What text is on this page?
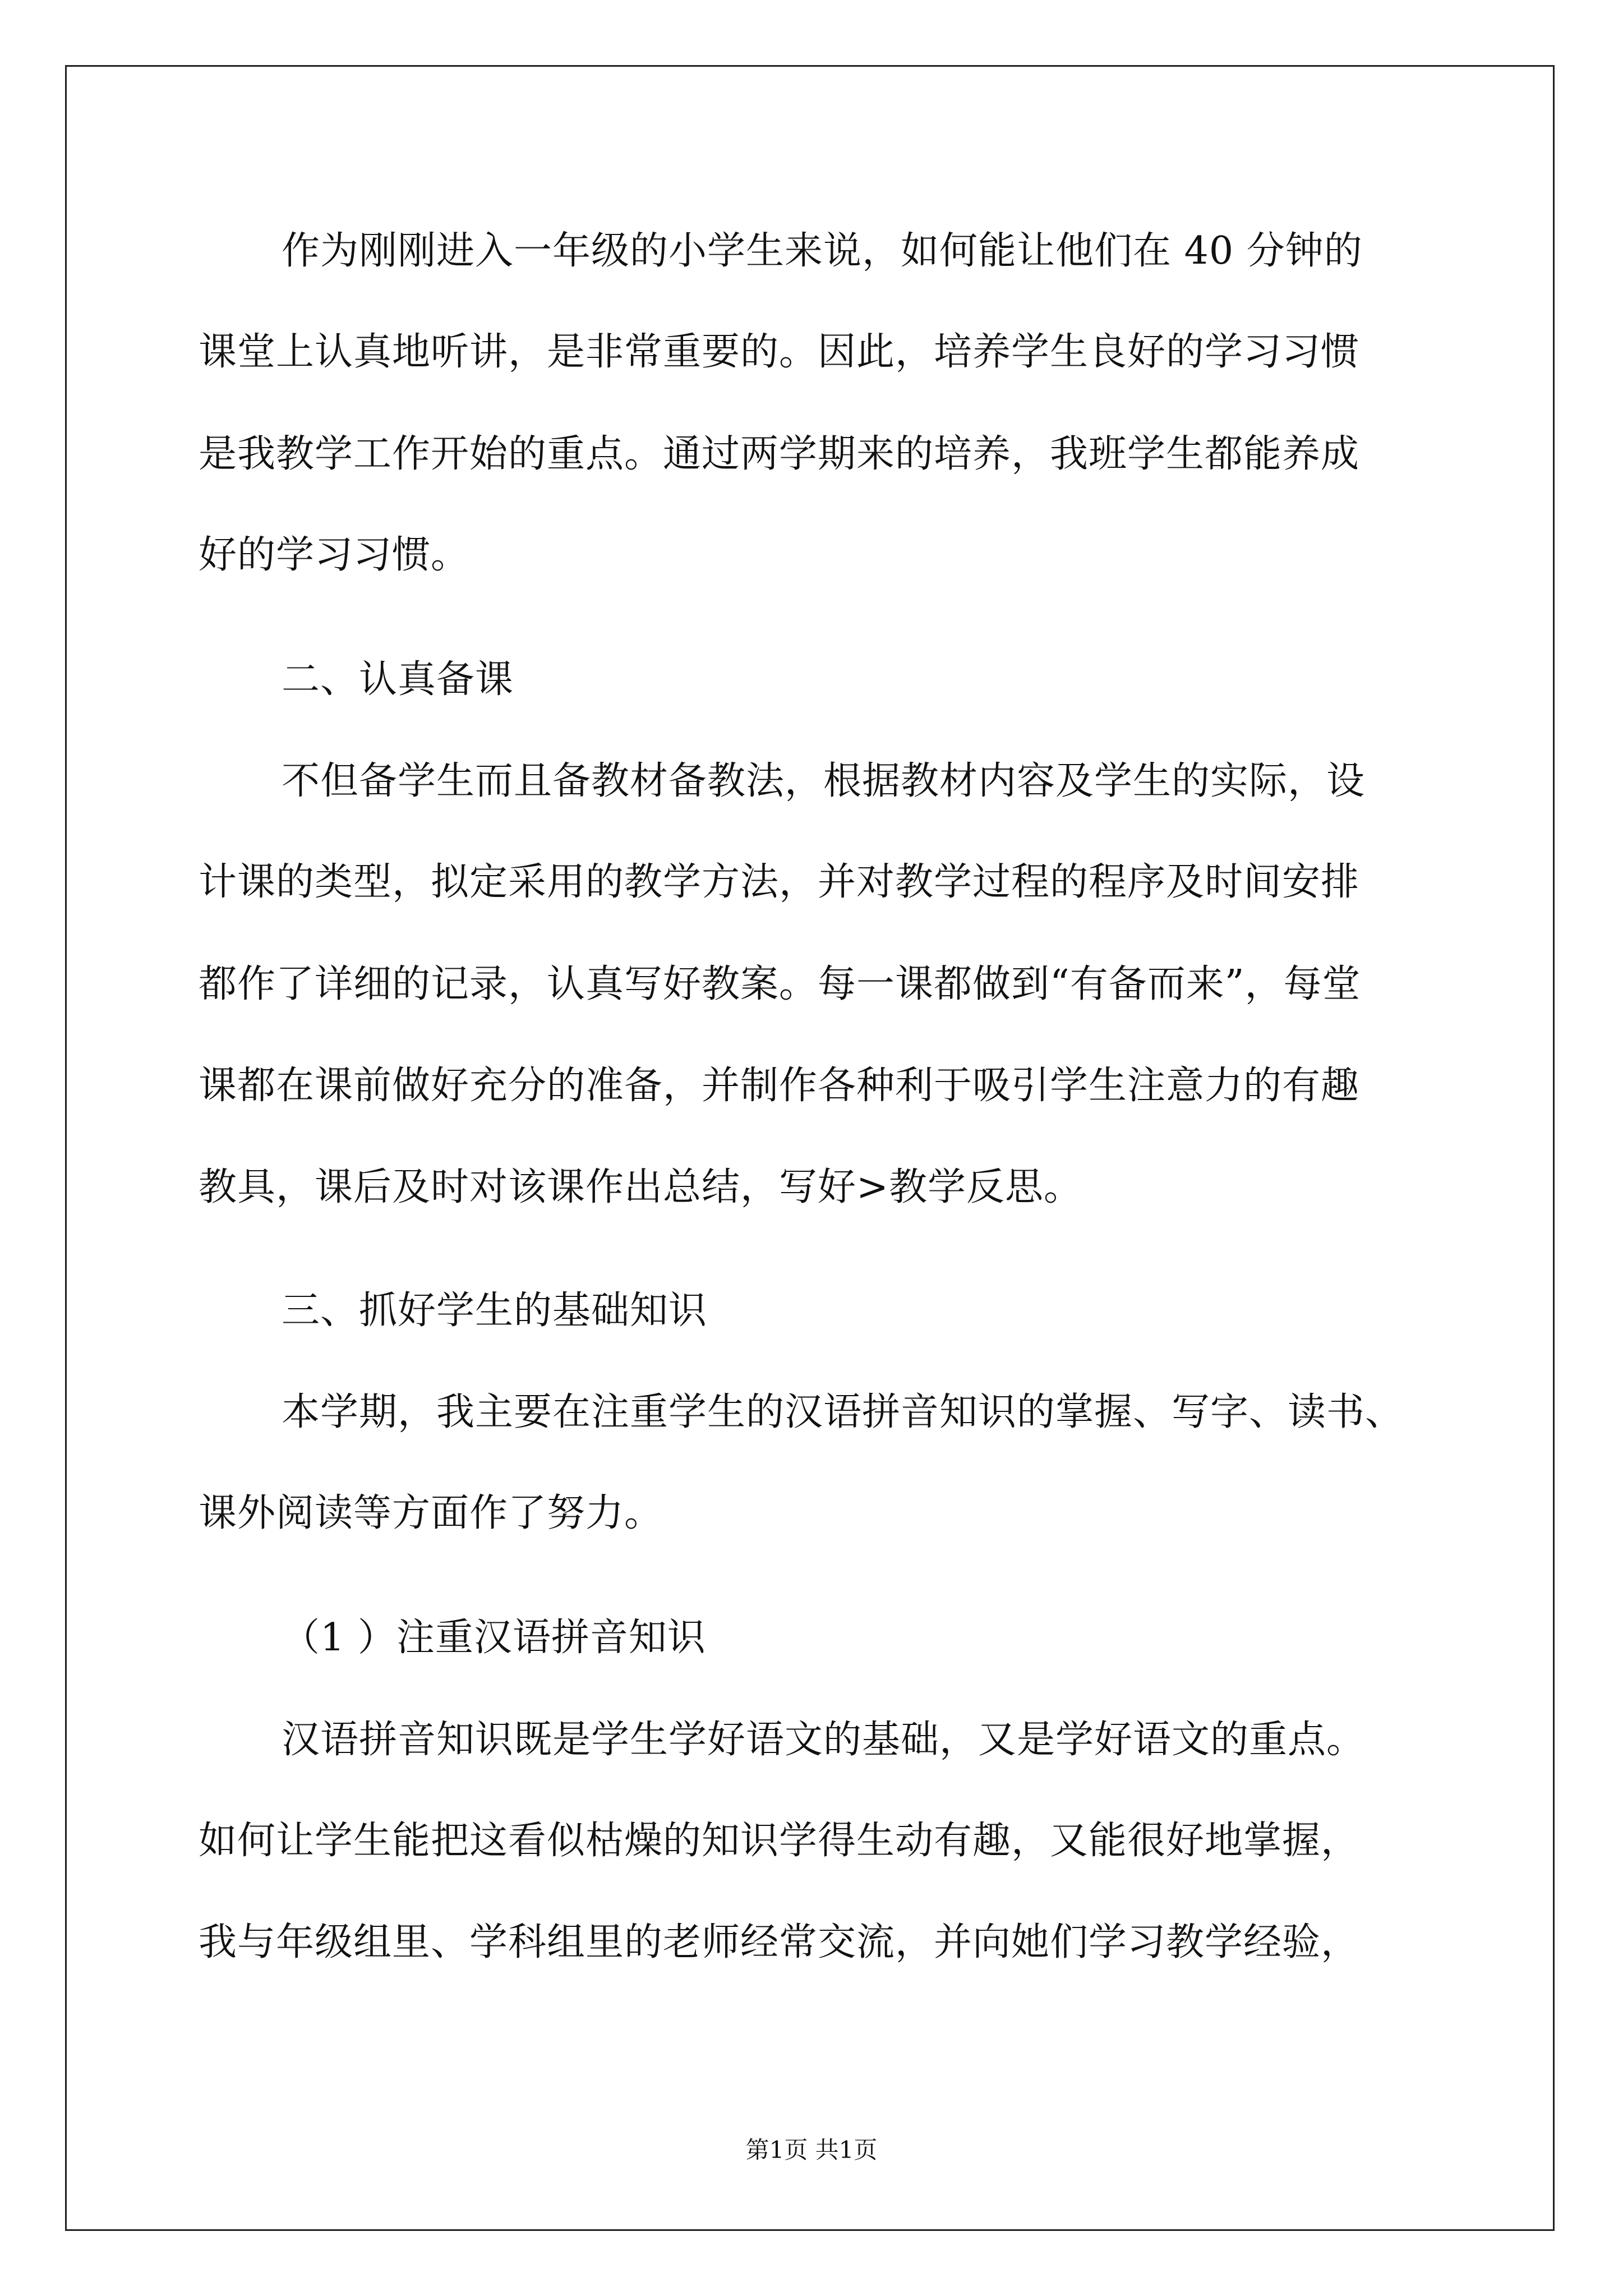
作为刚刚进入一年级的小学生来说，如何能让他们在 40 分钟的
课堂上认真地听讲，是非常重要的。因此，培养学生良好的学习习惯
是我教学工作开始的重点。通过两学期来的培养，我班学生都能养成
好的学习习惯。
二、认真备课
不但备学生而且备教材备教法，根据教材内容及学生的实际，设
计课的类型，拟定采用的教学方法，并对教学过程的程序及时间安排
都作了详细的记录，认真写好教案。每一课都做到“有备而来”，每堂
课都在课前做好充分的准备，并制作各种利于吸引学生注意力的有趣
教具，课后及时对该课作出总结，写好>教学反思。
三、抓好学生的基础知识
本学期，我主要在注重学生的汉语拼音知识的掌握、写字、读书、
课外阅读等方面作了努力。
（1 ）注重汉语拼音知识
汉语拼音知识既是学生学好语文的基础，又是学好语文的重点。
如何让学生能把这看似枯燥的知识学得生动有趣，又能很好地掌握，
我与年级组里、学科组里的老师经常交流，并向她们学习教学经验，
第1页 共1页
